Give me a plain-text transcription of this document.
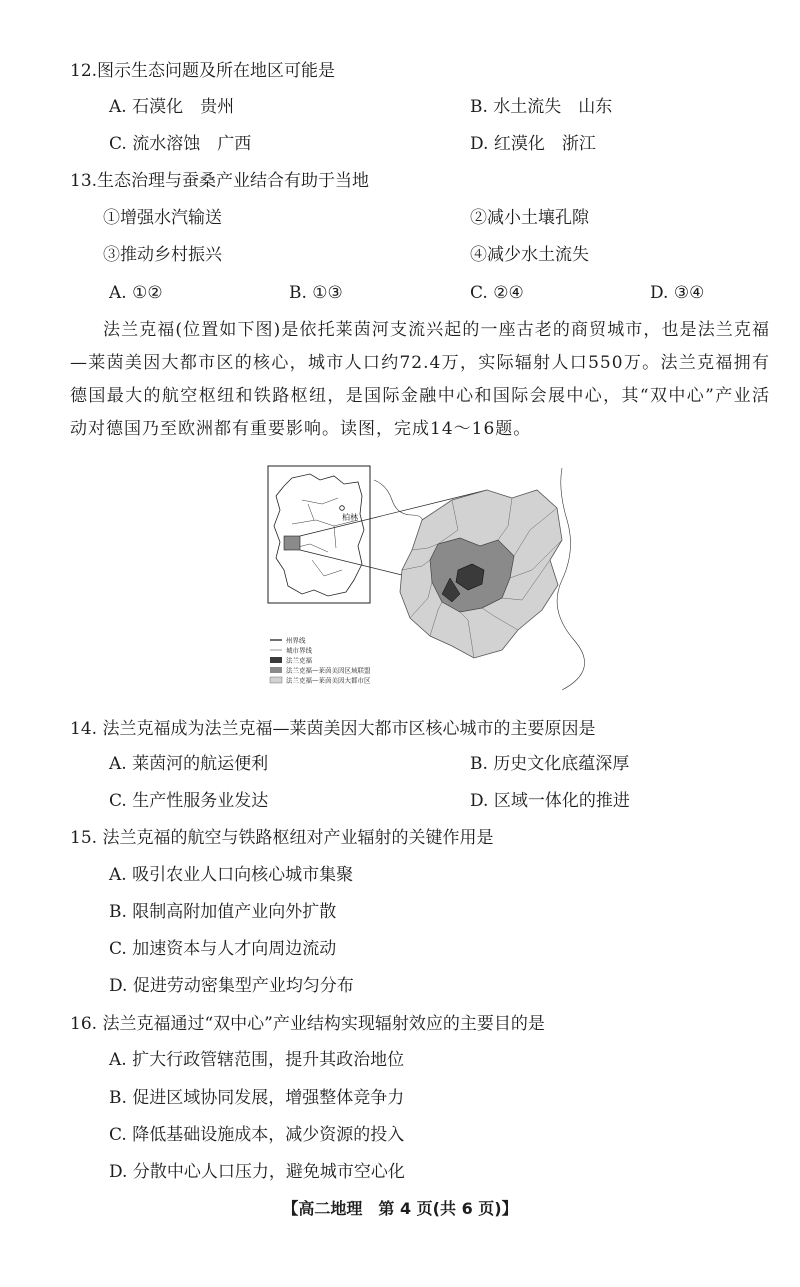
12.图示生态问题及所在地区可能是
A. 石漠化　贵州	B. 水土流失　山东
C. 流水溶蚀　广西	D. 红漠化　浙江
13.生态治理与蚕桑产业结合有助于当地
①增强水汽输送	②减小土壤孔隙
③推动乡村振兴	④减少水土流失
A. ①②	B. ①③	C. ②④	D. ③④
法兰克福(位置如下图)是依托莱茵河支流兴起的一座古老的商贸城市，也是法兰克福—莱茵美因大都市区的核心，城市人口约72.4万，实际辐射人口550万。法兰克福拥有德国最大的航空枢纽和铁路枢纽，是国际金融中心和国际会展中心，其“双中心”产业活动对德国乃至欧洲都有重要影响。读图，完成14～16题。
柏林
州界线
城市界线
法兰克福
法兰克福—莱茵美因区域联盟
法兰克福—莱茵美因大都市区
14. 法兰克福成为法兰克福—莱茵美因大都市区核心城市的主要原因是
A. 莱茵河的航运便利	B. 历史文化底蕴深厚
C. 生产性服务业发达	D. 区域一体化的推进
15. 法兰克福的航空与铁路枢纽对产业辐射的关键作用是
A. 吸引农业人口向核心城市集聚
B. 限制高附加值产业向外扩散
C. 加速资本与人才向周边流动
D. 促进劳动密集型产业均匀分布
16. 法兰克福通过“双中心”产业结构实现辐射效应的主要目的是
A. 扩大行政管辖范围，提升其政治地位
B. 促进区域协同发展，增强整体竞争力
C. 降低基础设施成本，减少资源的投入
D. 分散中心人口压力，避免城市空心化
【高二地理　第 4 页(共 6 页)】
